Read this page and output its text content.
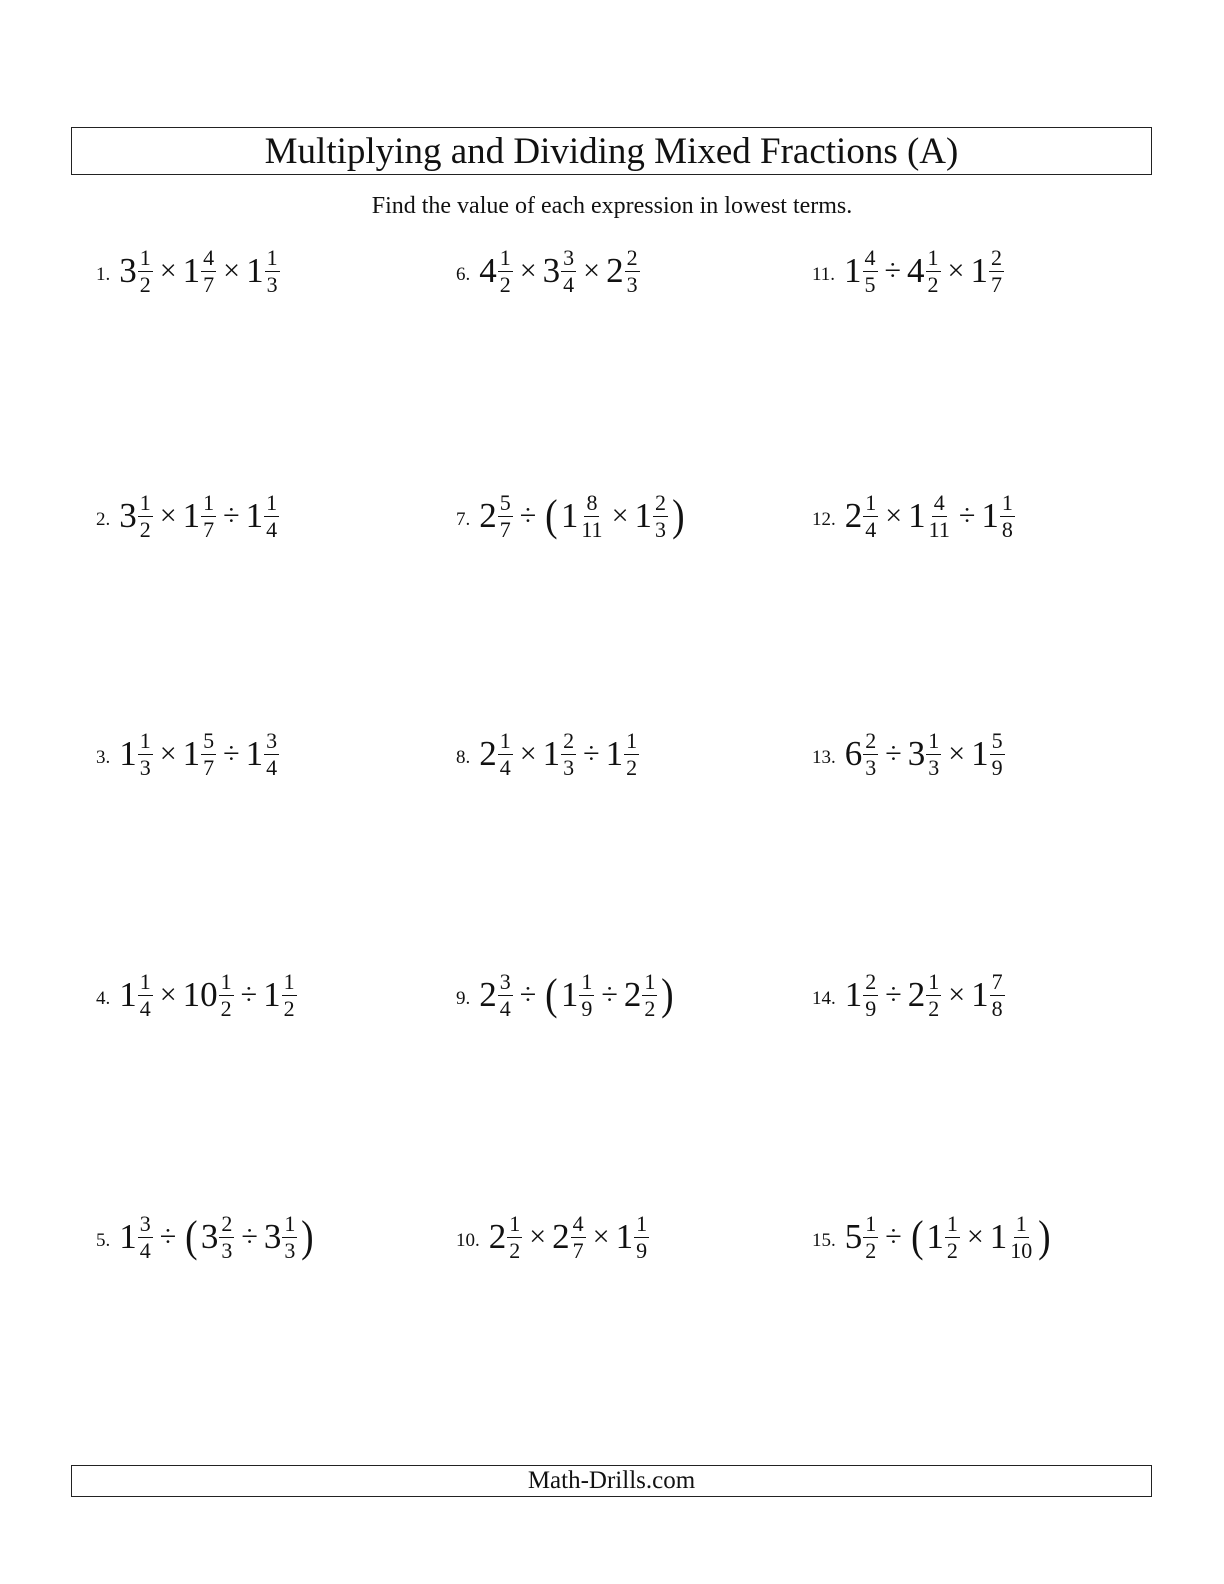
Multiplying and Dividing Mixed Fractions (A)
Find the value of each expression in lowest terms.
1. $3 \frac{1}{2} \times 1 \frac{4}{7} \times 1 \frac{1}{3}$
2. $3 \frac{1}{2} \times 1 \frac{1}{7} \div 1 \frac{1}{4}$
3. $1 \frac{1}{3} \times 1 \frac{5}{7} \div 1 \frac{3}{4}$
4. $1 \frac{1}{4} \times 10 \frac{1}{2} \div 1 \frac{1}{2}$
5. $1 \frac{3}{4}$ ÷ ( $3 \frac{2}{3} \div 3 \frac{1}{3}$ )
6. $4 \frac{1}{2} \times 3 \frac{3}{4} \times 2 \frac{2}{3}$
7. $2 \frac{5}{7}$ ÷ ( $1 \frac{8}{11} \times 1 \frac{2}{3}$ )
8. $2 \frac{1}{4} \times 1 \frac{2}{3} \div 1 \frac{1}{2}$
9. $2 \frac{3}{4}$ ÷ ( $1 \frac{1}{9} \div 2 \frac{1}{2}$ )
10. $2 \frac{1}{2} \times 2 \frac{4}{7} \times 1 \frac{1}{9}$
11. $1 \frac{4}{5} \div 4 \frac{1}{2} \times 1 \frac{2}{7}$
12. $2 \frac{1}{4} \times 1 \frac{4}{11} \div 1 \frac{1}{8}$
13. $6 \frac{2}{3} \div 3 \frac{1}{3} \times 1 \frac{5}{9}$
14. $1 \frac{2}{9} \div 2 \frac{1}{2} \times 1 \frac{7}{8}$
15. $5 \frac{1}{2}$ ÷ ( $1 \frac{1}{2} \times 1 \frac{1}{10}$ )
Math-Drills.com
